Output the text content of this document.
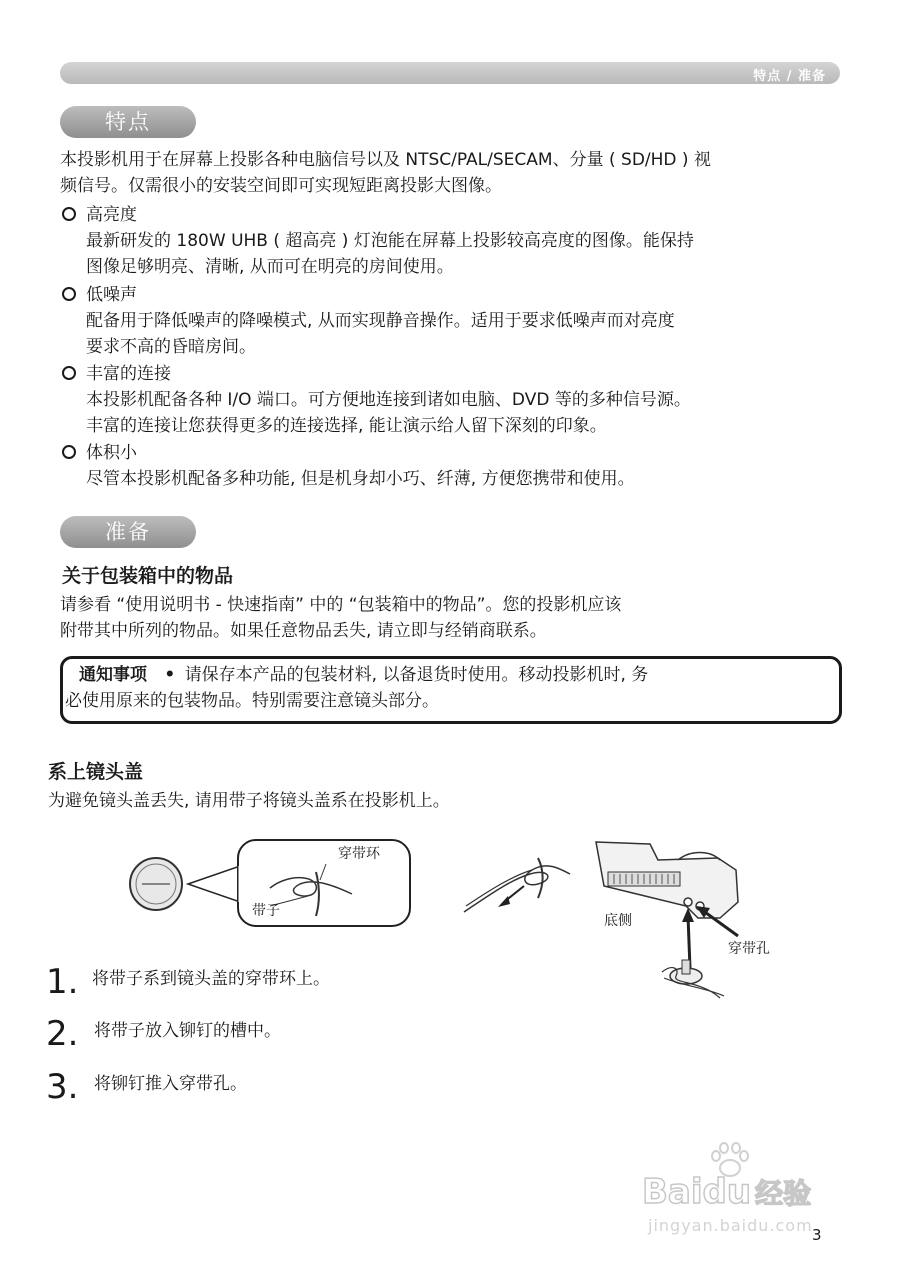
特点 / 准备
特点
本投影机用于在屏幕上投影各种电脑信号以及 NTSC/PAL/SECAM、分量 ( SD/HD ) 视
频信号。仅需很小的安装空间即可实现短距离投影大图像。
高亮度
最新研发的 180W UHB ( 超高亮 ) 灯泡能在屏幕上投影较高亮度的图像。能保持
图像足够明亮、清晰, 从而可在明亮的房间使用。
低噪声
配备用于降低噪声的降噪模式, 从而实现静音操作。适用于要求低噪声而对亮度
要求不高的昏暗房间。
丰富的连接
本投影机配备各种 I/O 端口。可方便地连接到诸如电脑、DVD 等的多种信号源。
丰富的连接让您获得更多的连接选择, 能让演示给人留下深刻的印象。
体积小
尽管本投影机配备多种功能, 但是机身却小巧、纤薄, 方便您携带和使用。
准备
关于包装箱中的物品
请参看 “使用说明书 - 快速指南” 中的 “包装箱中的物品”。您的投影机应该
附带其中所列的物品。如果任意物品丢失, 请立即与经销商联系。
通知事项 • 请保存本产品的包装材料, 以备退货时使用。移动投影机时, 务
必使用原来的包装物品。特别需要注意镜头部分。
系上镜头盖
为避免镜头盖丢失, 请用带子将镜头盖系在投影机上。
穿带环
带子
底侧
穿带孔
1. 将带子系到镜头盖的穿带环上。
2. 将带子放入铆钉的槽中。
3. 将铆钉推入穿带孔。
Baidu 经验
jingyan.baidu.com 3
